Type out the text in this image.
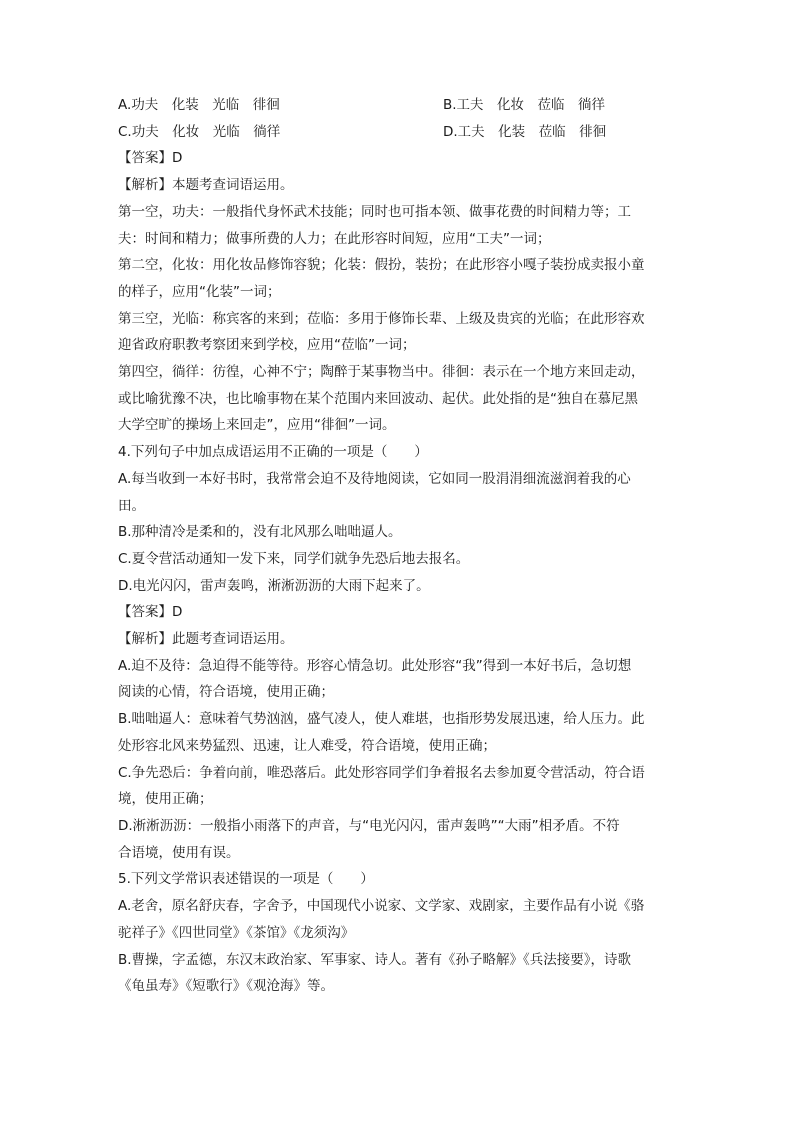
A.功夫　化装　光临　徘徊	B.工夫　化妆　莅临　徜徉
C.功夫　化妆　光临　徜徉	D.工夫　化装　莅临　徘徊
【答案】D
【解析】本题考查词语运用。
第一空，功夫：一般指代身怀武术技能；同时也可指本领、做事花费的时间精力等；工
夫：时间和精力；做事所费的人力；在此形容时间短，应用“工夫”一词；
第二空，化妆：用化妆品修饰容貌；化装：假扮，装扮；在此形容小嘎子装扮成卖报小童
的样子，应用“化装”一词；
第三空，光临：称宾客的来到；莅临：多用于修饰长辈、上级及贵宾的光临；在此形容欢
迎省政府职教考察团来到学校，应用“莅临”一词；
第四空，徜徉：彷徨，心神不宁；陶醉于某事物当中。徘徊：表示在一个地方来回走动，
或比喻犹豫不决，也比喻事物在某个范围内来回波动、起伏。此处指的是“独自在慕尼黑
大学空旷的操场上来回走”，应用“徘徊”一词。
4.下列句子中加点成语运用不正确的一项是（　　）
A.每当收到一本好书时，我常常会迫不及待地阅读，它如同一股涓涓细流滋润着我的心
田。
B.那种清冷是柔和的，没有北风那么咄咄逼人。
C.夏令营活动通知一发下来，同学们就争先恐后地去报名。
D.电光闪闪，雷声轰鸣，淅淅沥沥的大雨下起来了。
【答案】D
【解析】此题考查词语运用。
A.迫不及待：急迫得不能等待。形容心情急切。此处形容“我”得到一本好书后，急切想
阅读的心情，符合语境，使用正确；
B.咄咄逼人：意味着气势汹汹，盛气凌人，使人难堪，也指形势发展迅速，给人压力。此
处形容北风来势猛烈、迅速，让人难受，符合语境，使用正确；
C.争先恐后：争着向前，唯恐落后。此处形容同学们争着报名去参加夏令营活动，符合语
境，使用正确；
D.淅淅沥沥：一般指小雨落下的声音，与“电光闪闪，雷声轰鸣”“大雨”相矛盾。不符
合语境，使用有误。
5.下列文学常识表述错误的一项是（　　）
A.老舍，原名舒庆春，字舍予，中国现代小说家、文学家、戏剧家，主要作品有小说《骆
驼祥子》《四世同堂》《茶馆》《龙须沟》
B.曹操，字孟德，东汉末政治家、军事家、诗人。著有《孙子略解》《兵法接要》，诗歌
《龟虽寿》《短歌行》《观沧海》等。
